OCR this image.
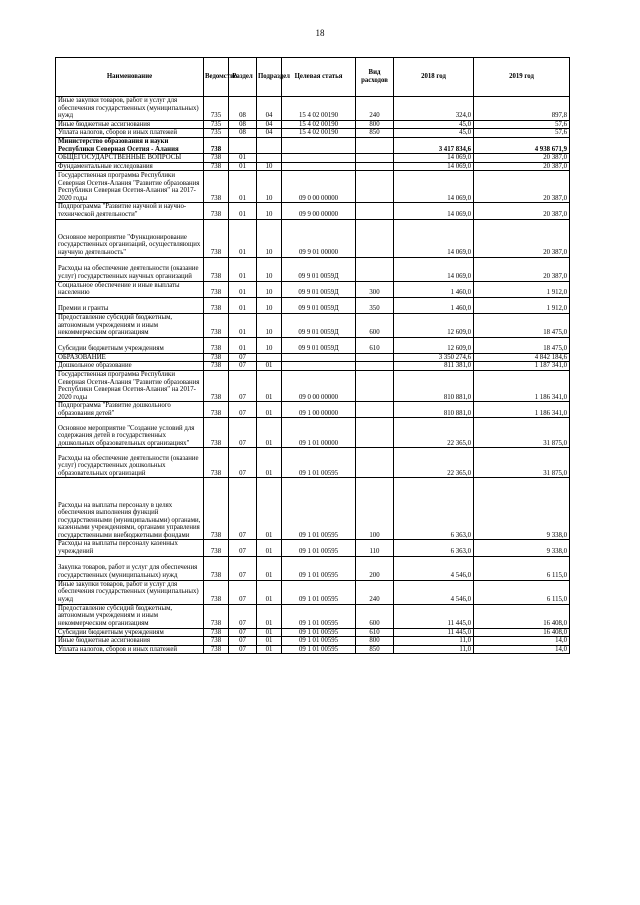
18
Наименование	Ведомство	Раздел	Подраздел	Целевая статья	Вид расходов	2018 год	2019 год
Иные закупки товаров, работ и услуг для обеспечения государственных (муниципальных) нужд	735	08	04	15 4 02 00190	240	324,0	897,8
Иные бюджетные ассигнования	735	08	04	15 4 02 00190	800	45,0	57,6
Уплата налогов, сборов и иных платежей	735	08	04	15 4 02 00190	850	45,0	57,6
Министерство образования и науки Республики Северная Осетия - Алания	738					3 417 834,6	4 938 671,9
ОБЩЕГОСУДАРСТВЕННЫЕ ВОПРОСЫ	738	01				14 069,0	20 387,0
Фундаментальные исследования	738	01	10			14 069,0	20 387,0
Государственная программа Республики Северная Осетия-Алания "Развитие образования Республики Северная Осетия-Алания" на 2017-2020 годы	738	01	10	09 0 00 00000		14 069,0	20 387,0
Подпрограмма "Развитие научной и научно-технической деятельности"	738	01	10	09 9 00 00000		14 069,0	20 387,0
Основное мероприятие "Функционирование государственных организаций, осуществляющих научную деятельность"	738	01	10	09 9 01 00000		14 069,0	20 387,0
Расходы на обеспечение деятельности (оказание услуг) государственных научных организаций	738	01	10	09 9 01 0059Д		14 069,0	20 387,0
Социальное обеспечение и иные выплаты населению	738	01	10	09 9 01 0059Д	300	1 460,0	1 912,0
Премии и гранты	738	01	10	09 9 01 0059Д	350	1 460,0	1 912,0
Предоставление субсидий бюджетным, автономным учреждениям и иным некоммерческим организациям	738	01	10	09 9 01 0059Д	600	12 609,0	18 475,0
Субсидии бюджетным учреждениям	738	01	10	09 9 01 0059Д	610	12 609,0	18 475,0
ОБРАЗОВАНИЕ	738	07				3 350 274,6	4 842 184,6
Дошкольное образование	738	07	01			811 381,0	1 187 341,0
Государственная программа Республики Северная Осетия-Алания "Развитие образования Республики Северная Осетия-Алания" на 2017-2020 годы	738	07	01	09 0 00 00000		810 881,0	1 186 341,0
Подпрограмма "Развитие дошкольного образования детей"	738	07	01	09 1 00 00000		810 881,0	1 186 341,0
Основное мероприятие "Создание условий для содержания детей в государственных дошкольных образовательных организациях"	738	07	01	09 1 01 00000		22 365,0	31 875,0
Расходы на обеспечение деятельности (оказание услуг) государственных дошкольных образовательных организаций	738	07	01	09 1 01 00595		22 365,0	31 875,0
Расходы на выплаты персоналу в целях обеспечения выполнения функций государственными (муниципальными) органами, казенными учреждениями, органами управления государственными внебюджетными фондами	738	07	01	09 1 01 00595	100	6 363,0	9 338,0
Расходы на выплаты персоналу казенных учреждений	738	07	01	09 1 01 00595	110	6 363,0	9 338,0
Закупка товаров, работ и услуг для обеспечения государственных (муниципальных) нужд	738	07	01	09 1 01 00595	200	4 546,0	6 115,0
Иные закупки товаров, работ и услуг для обеспечения государственных (муниципальных) нужд	738	07	01	09 1 01 00595	240	4 546,0	6 115,0
Предоставление субсидий бюджетным, автономным учреждениям и иным некоммерческим организациям	738	07	01	09 1 01 00595	600	11 445,0	16 408,0
Субсидии бюджетным учреждениям	738	07	01	09 1 01 00595	610	11 445,0	16 408,0
Иные бюджетные ассигнования	738	07	01	09 1 01 00595	800	11,0	14,0
Уплата налогов, сборов и иных платежей	738	07	01	09 1 01 00595	850	11,0	14,0
